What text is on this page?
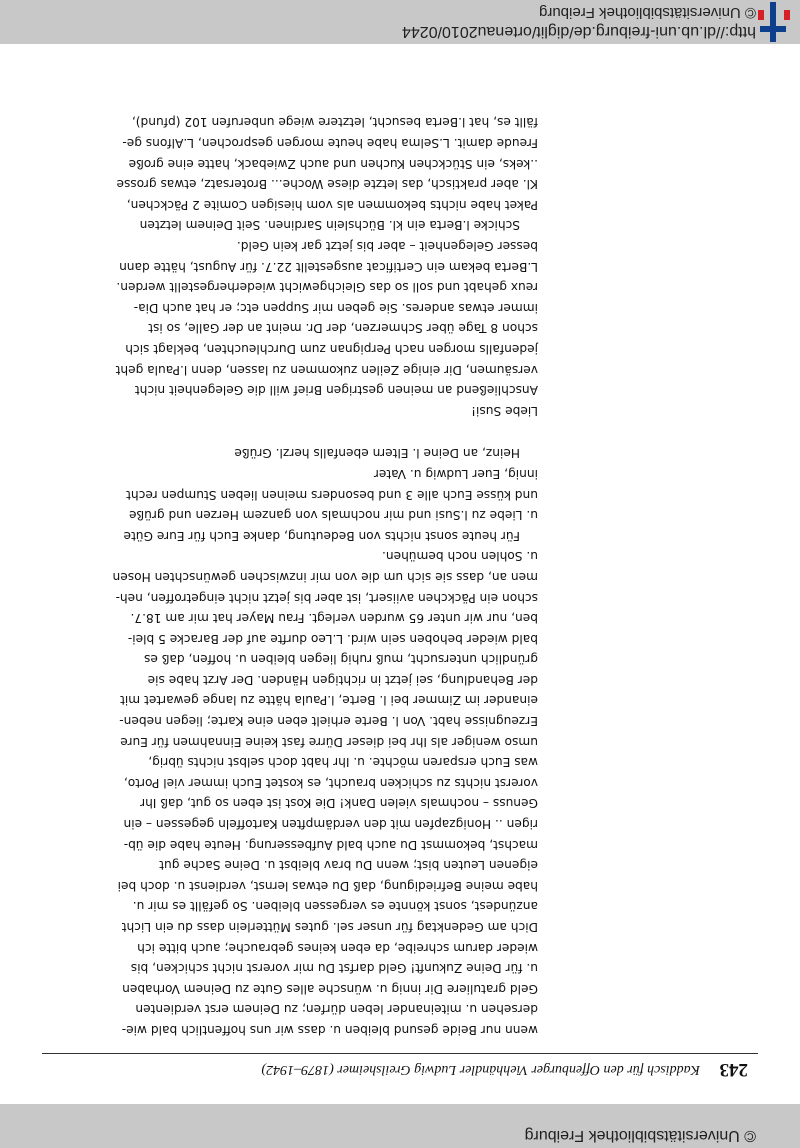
© Universitätsbibliothek Freiburg
243
Kaddisch für den Offenburger Viehhändler Ludwig Greilsheimer (1879–1942)

wenn nur Beide gesund bleiben u. dass wir uns hoffentlich bald wie-

dersehen u. miteinander leben dürfen; zu Deinem erst verdienten

Geld gratuliere Dir innig u. wünsche alles Gute zu Deinem Vorhaben

u. für Deine Zukunft! Geld darfst Du mir vorerst nicht schicken, bis

wieder darum schreibe, da eben keines gebrauche; auch bitte ich

Dich am Gedenktag für unser sel. gutes Mütterlein dass du ein Licht

anzündest, sonst könnte es vergessen bleiben. So gefällt es mir u.

habe meine Befriedigung, daß Du etwas lernst, verdienst u. doch bei

eigenen Leuten bist; wenn Du brav bleibst u. Deine Sache gut

machst, bekommst Du auch bald Aufbesserung. Heute habe die üb-

rigen .. Honigzapfen mit den verdämpften Kartoffeln gegessen – ein

Genuss – nochmals vielen Dank! Die Kost ist eben so gut, daß Ihr

vorerst nichts zu schicken braucht, es kostet Euch immer viel Porto,

was Euch ersparen möchte. u. Ihr habt doch selbst nichts übrig,

umso weniger als Ihr bei dieser Dürre fast keine Einnahmen für Eure

Erzeugnisse habt. Von l. Berte erhielt eben eine Karte; liegen neben-

einander im Zimmer bei l. Berte, l.Paula hätte zu lange gewartet mit

der Behandlung, sei jetzt in richtigen Händen. Der Arzt habe sie

gründlich untersucht, muß ruhig liegen bleiben u. hoffen, daß es

bald wieder behoben sein wird. L.Leo durfte auf der Baracke 5 blei-

ben, nur wir unter 65 wurden verlegt. Frau Mayer hat mir am 18.7.

schon ein Päckchen aviisert, ist aber bis jetzt nicht eingetroffen, neh-

men an, dass sie sich um die von mir inzwischen gewünschten Hosen

u. Sohlen noch bemühen.

Für heute sonst nichts von Bedeutung, danke Euch für Eure Güte

u. Liebe zu l.Susi und mir nochmals von ganzem Herzen und grüße

und küsse Euch alle 3 und besonders meinen lieben Stumpen recht

innig, Euer Ludwig u. Vater

Heinz, an Deine l. Eltern ebenfalls herzl. Grüße

Liebe Susi!

Anschließend an meinen gestrigen Brief will die Gelegenheit nicht

versäumen, Dir einige Zeilen zukommen zu lassen, denn l.Paula geht

jedenfalls morgen nach Perpignan zum Durchleuchten, beklagt sich

schon 8 Tage über Schmerzen, der Dr. meint an der Galle, so ist

immer etwas anderes. Sie geben mir Suppen etc; er hat auch Dia-

reux gehabt und soll so das Gleichgewicht wiederhergestellt werden.

L.Berta bekam ein Certificat ausgestellt 22.7. für August, hätte dann

besser Gelegenheit – aber bis jetzt gar kein Geld.

Schicke l.Berta ein kl. Büchslein Sardinen. Seit Deinem letzten

Paket habe nichts bekommen als vom hiesigen Comite 2 Päckchen,

Kl. aber praktisch, das letzte diese Woche... Brotersatz, etwas grosse

..keks, ein Stückchen Kuchen und auch Zwieback, hatte eine große

Freude damit. L.Selma habe heute morgen gesprochen, L.Alfons ge-

fällt es, hat l.Berta besucht, letztere wiege unberufen 102 (pfund),

http://dl.ub.uni-freiburg.de/diglit/ortenau2010/0244
© Universitätsbibliothek Freiburg
